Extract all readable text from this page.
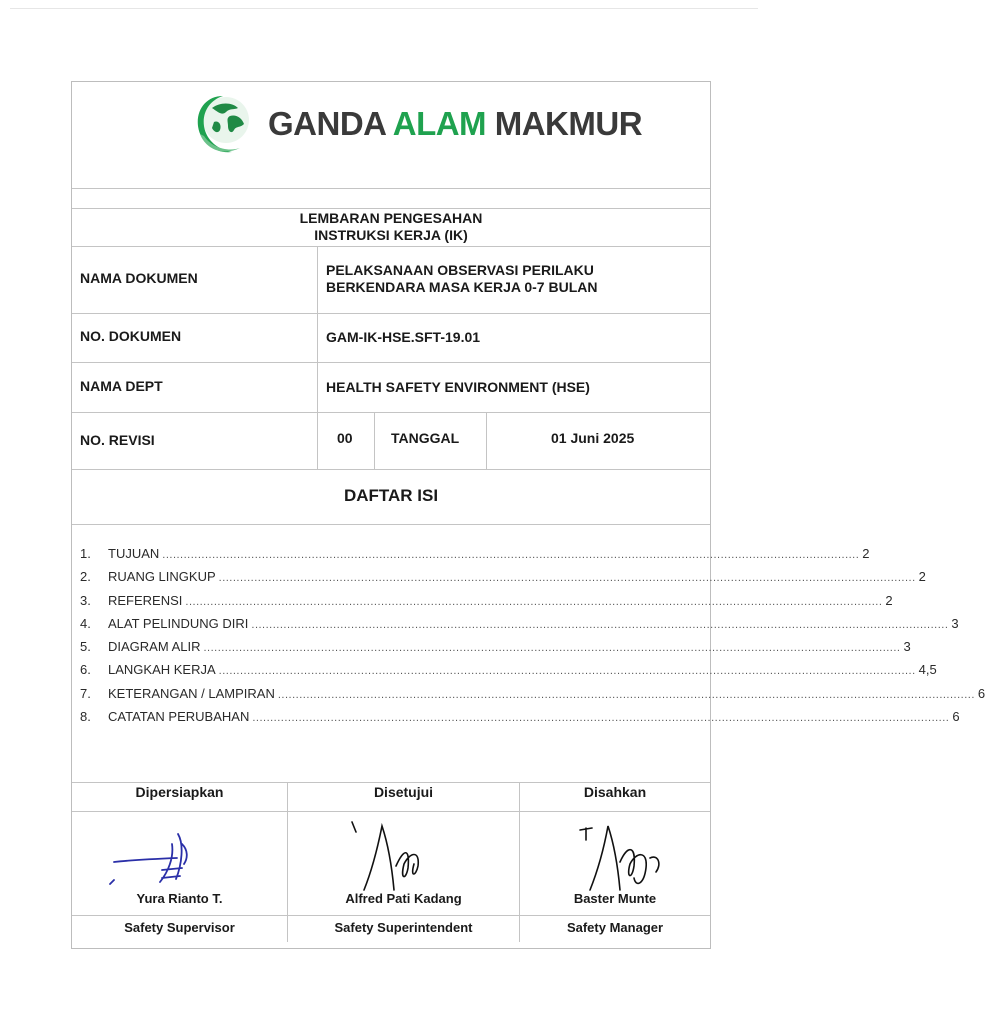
GANDA ALAM MAKMUR
LEMBARAN PENGESAHAN
INSTRUKSI KERJA (IK)
NAMA DOKUMEN	PELAKSANAAN OBSERVASI PERILAKU
BERKENDARA MASA KERJA 0-7 BULAN
NO. DOKUMEN	GAM-IK-HSE.SFT-19.01
NAMA DEPT	HEALTH SAFETY ENVIRONMENT (HSE)
NO. REVISI	00	TANGGAL	01 Juni 2025
DAFTAR ISI
1.	TUJUAN .................................................................................................................................................................................................... 2
2.	RUANG LINGKUP .................................................................................................................................................................................................... 2
3.	REFERENSI .................................................................................................................................................................................................... 2
4.	ALAT PELINDUNG DIRI .................................................................................................................................................................................................... 3
5.	DIAGRAM ALIR .................................................................................................................................................................................................... 3
6.	LANGKAH KERJA .................................................................................................................................................................................................... 4,5
7.	KETERANGAN / LAMPIRAN .................................................................................................................................................................................................... 6
8.	CATATAN PERUBAHAN .................................................................................................................................................................................................... 6
Dipersiapkan	Disetujui	Disahkan
Yura Rianto T.	Alfred Pati Kadang	Baster Munte
Safety Supervisor	Safety Superintendent	Safety Manager
